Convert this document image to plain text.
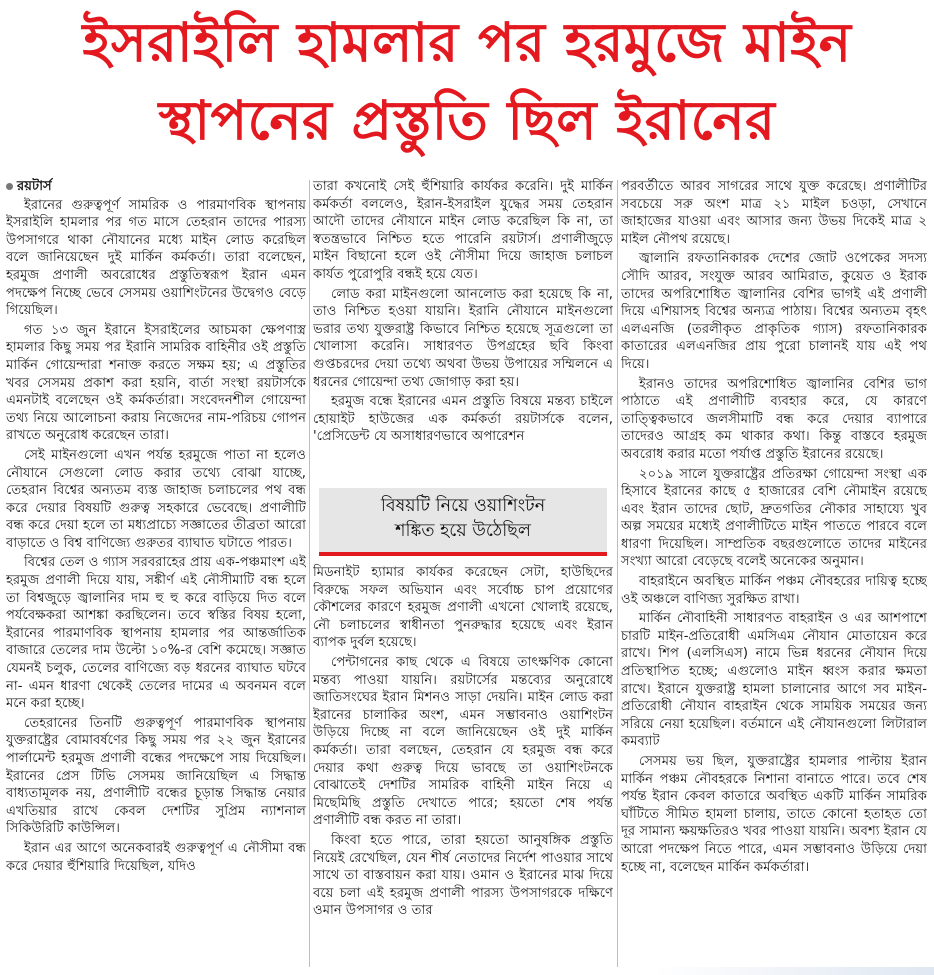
ইসরাইলি হামলার পর হরমুজে মাইন
স্থাপনের প্রস্তুতি ছিল ইরানের
রয়টার্স

ইরানের গুরুত্বপূর্ণ সামরিক ও পারমাণবিক স্থাপনায় ইসরাইলি হামলার পর গত মাসে তেহরান তাদের পারস্য উপসাগরে থাকা নৌযানের মধ্যে মাইন লোড করেছিল বলে জানিয়েছেন দুই মার্কিন কর্মকর্তা। তারা বলেছেন, হরমুজ প্রণালী অবরোধের প্রস্তুতিস্বরূপ ইরান এমন পদক্ষেপ নিচ্ছে ভেবে সেসময় ওয়াশিংটনের উদ্বেগও বেড়ে গিয়েছিল।

গত ১৩ জুন ইরানে ইসরাইলের আচমকা ক্ষেপণাস্ত্র হামলার কিছু সময় পর ইরানি সামরিক বাহিনীর ওই প্রস্তুতি মার্কিন গোয়েন্দারা শনাক্ত করতে সক্ষম হয়; এ প্রস্তুতির খবর সেসময় প্রকাশ করা হয়নি, বার্তা সংস্থা রয়টার্সকে এমনটাই বলেছেন ওই কর্মকর্তারা। সংবেদনশীল গোয়েন্দা তথ্য নিয়ে আলোচনা করায় নিজেদের নাম-পরিচয় গোপন রাখতে অনুরোধ করেছেন তারা।

সেই মাইনগুলো এখন পর্যন্ত হরমুজে পাতা না হলেও নৌযানে সেগুলো লোড করার তথ্যে বোঝা যাচ্ছে, তেহরান বিশ্বের অন্যতম ব্যস্ত জাহাজ চলাচলের পথ বন্ধ করে দেয়ার বিষয়টি গুরুত্ব সহকারে ভেবেছে। প্রণালীটি বন্ধ করে দেয়া হলে তা মধ্যপ্রাচ্যে সজ্ঞাতের তীব্রতা আরো বাড়াতে ও বিশ্ব বাণিজ্যে গুরুতর ব্যাঘাত ঘটাতে পারত।

বিশ্বের তেল ও গ্যাস সরবরাহের প্রায় এক-পঞ্চমাংশ এই হরমুজ প্রণালী দিয়ে যায়, সঙ্কীর্ণ এই নৌসীমাটি বন্ধ হলে তা বিশ্বজুড়ে জ্বালানির দাম হু হু করে বাড়িয়ে দিত বলে পর্যবেক্ষকরা আশঙ্কা করছিলেন। তবে স্বস্তির বিষয় হলো, ইরানের পারমাণবিক স্থাপনায় হামলার পর আন্তর্জাতিক বাজারে তেলের দাম উল্টো ১০%-র বেশি কমেছে। সজ্ঞাত যেমনই চলুক, তেলের বাণিজ্যে বড় ধরনের ব্যাঘাত ঘটবে না- এমন ধারণা থেকেই তেলের দামের এ অবনমন বলে মনে করা হচ্ছে।

তেহরানের তিনটি গুরুত্বপূর্ণ পারমাণবিক স্থাপনায় যুক্তরাষ্ট্রের বোমাবর্ষণের কিছু সময় পর ২২ জুন ইরানের পার্লামেন্ট হরমুজ প্রণালী বন্ধের পদক্ষেপে সায় দিয়েছিল। ইরানের প্রেস টিভি সেসময় জানিয়েছিল এ সিদ্ধান্ত বাধ্যতামূলক নয়, প্রণালীটি বন্ধের চূড়ান্ত সিদ্ধান্ত নেয়ার এখতিয়ার রাখে কেবল দেশটির সুপ্রিম ন্যাশনাল সিকিউরিটি কাউন্সিল।

ইরান এর আগে অনেকবারই গুরুত্বপূর্ণ এ নৌসীমা বন্ধ করে দেয়ার হুঁশিয়ারি দিয়েছিল, যদিও

তারা কখনোই সেই হুঁশিয়ারি কার্যকর করেনি। দুই মার্কিন কর্মকর্তা বললেও, ইরান-ইসরাইল যুদ্ধের সময় তেহরান আদৌ তাদের নৌযানে মাইন লোড করেছিল কি না, তা স্বতন্ত্রভাবে নিশ্চিত হতে পারেনি রয়টার্স। প্রণালীজুড়ে মাইন বিছানো হলে ওই নৌসীমা দিয়ে জাহাজ চলাচল কার্যত পুরোপুরি বন্ধই হয়ে যেত।

লোড করা মাইনগুলো আনলোড করা হয়েছে কি না, তাও নিশ্চিত হওয়া যায়নি। ইরানি নৌযানে মাইনগুলো ভরার তথ্য যুক্তরাষ্ট্র কিভাবে নিশ্চিত হয়েছে সূত্রগুলো তা খোলাসা করেনি। সাধারণত উপগ্রহের ছবি কিংবা গুপ্তচরদের দেয়া তথ্যে অথবা উভয় উপায়ের সম্মিলনে এ ধরনের গোয়েন্দা তথ্য জোগাড় করা হয়।

হরমুজ বন্ধে ইরানের এমন প্রস্তুতি বিষয়ে মন্তব্য চাইলে হোয়াইট হাউজের এক কর্মকর্তা রয়টার্সকে বলেন, 'প্রেসিডেন্ট যে অসাধারণভাবে অপারেশন

বিষয়টি নিয়ে ওয়াশিংটন
শঙ্কিত হয়ে উঠেছিল

মিডনাইট হ্যামার কার্যকর করেছেন সেটা, হাউছিদের বিরুদ্ধে সফল অভিযান এবং সর্বোচ্চ চাপ প্রয়োগের কৌশলের কারণে হরমুজ প্রণালী এখনো খোলাই রয়েছে, নৌ চলাচলের স্বাধীনতা পুনরুদ্ধার হয়েছে এবং ইরান ব্যাপক দুর্বল হয়েছে।

পেন্টাগনের কাছ থেকে এ বিষয়ে তাৎক্ষণিক কোনো মন্তব্য পাওয়া যায়নি। রয়টার্সের মন্তব্যের অনুরোধে জাতিসংঘের ইরান মিশনও সাড়া দেয়নি। মাইন লোড করা ইরানের চালাকির অংশ, এমন সম্ভাবনাও ওয়াশিংটন উড়িয়ে দিচ্ছে না বলে জানিয়েছেন ওই দুই মার্কিন কর্মকর্তা। তারা বলছেন, তেহরান যে হরমুজ বন্ধ করে দেয়ার কথা গুরুত্ব দিয়ে ভাবছে তা ওয়াশিংটনকে বোঝাতেই দেশটির সামরিক বাহিনী মাইন নিয়ে এ মিছেমিছি প্রস্তুতি দেখাতে পারে; হয়তো শেষ পর্যন্ত প্রণালীটি বন্ধ করত না তারা।

কিংবা হতে পারে, তারা হয়তো আনুষঙ্গিক প্রস্তুতি নিয়েই রেখেছিল, যেন শীর্ষ নেতাদের নির্দেশ পাওয়ার সাথে সাথে তা বাস্তবায়ন করা যায়। ওমান ও ইরানের মাঝ দিয়ে বয়ে চলা এই হরমুজ প্রণালী পারস্য উপসাগরকে দক্ষিণে ওমান উপসাগর ও তার

পরবর্তীতে আরব সাগরের সাথে যুক্ত করেছে। প্রণালীটির সবচেয়ে সরু অংশ মাত্র ২১ মাইল চওড়া, সেখানে জাহাজের যাওয়া এবং আসার জন্য উভয় দিকেই মাত্র ২ মাইল নৌপথ রয়েছে।

জ্বালানি রফতানিকারক দেশের জোট ওপেকের সদস্য সৌদি আরব, সংযুক্ত আরব আমিরাত, কুয়েত ও ইরাক তাদের অপরিশোধিত জ্বালানির বেশির ভাগই এই প্রণালী দিয়ে এশিয়াসহ বিশ্বের অন্যত্র পাঠায়। বিশ্বের অন্যতম বৃহৎ এলএনজি (তরলীকৃত প্রাকৃতিক গ্যাস) রফতানিকারক কাতারের এলএনজির প্রায় পুরো চালানই যায় এই পথ দিয়ে।

ইরানও তাদের অপরিশোধিত জ্বালানির বেশির ভাগ পাঠাতে এই প্রণালীটি ব্যবহার করে, যে কারণে তাত্ত্বিকভাবে জলসীমাটি বন্ধ করে দেয়ার ব্যাপারে তাদেরও আগ্রহ কম থাকার কথা। কিন্তু বাস্তবে হরমুজ অবরোধ করার মতো পর্যাপ্ত প্রস্তুতি ইরানের রয়েছে।

২০১৯ সালে যুক্তরাষ্ট্রের প্রতিরক্ষা গোয়েন্দা সংস্থা এক হিসাবে ইরানের কাছে ৫ হাজারের বেশি নৌমাইন রয়েছে এবং ইরান তাদের ছোট, দ্রুতগতির নৌকার সাহায্যে খুব অল্প সময়ের মধ্যেই প্রণালীটিতে মাইন পাততে পারবে বলে ধারণা দিয়েছিল। সাম্প্রতিক বছরগুলোতে তাদের মাইনের সংখ্যা আরো বেড়েছে বলেই অনেকের অনুমান।

বাহরাইনে অবস্থিত মার্কিন পঞ্চম নৌবহরের দায়িত্ব হচ্ছে ওই অঞ্চলে বাণিজ্য সুরক্ষিত রাখা।

মার্কিন নৌবাহিনী সাধারণত বাহরাইন ও এর আশপাশে চারটি মাইন-প্রতিরোধী এমসিএম নৌযান মোতায়েন করে রাখে। শিপ (এলসিএস) নামে ভিন্ন ধরনের নৌযান দিয়ে প্রতিস্থাপিত হচ্ছে; এগুলোও মাইন ধ্বংস করার ক্ষমতা রাখে। ইরানে যুক্তরাষ্ট্র হামলা চালানোর আগে সব মাইন-প্রতিরোধী নৌযান বাহরাইন থেকে সাময়িক সময়ের জন্য সরিয়ে নেয়া হয়েছিল। বর্তমানে এই নৌযানগুলো লিটারাল কমব্যাট

সেসময় ভয় ছিল, যুক্তরাষ্ট্রের হামলার পাল্টায় ইরান মার্কিন পঞ্চম নৌবহরকে নিশানা বানাতে পারে। তবে শেষ পর্যন্ত ইরান কেবল কাতারে অবস্থিত একটি মার্কিন সামরিক ঘাঁটিতে সীমিত হামলা চালায়, তাতে কোনো হতাহত তো দূর সামান্য ক্ষয়ক্ষতিরও খবর পাওয়া যায়নি। অবশ্য ইরান যে আরো পদক্ষেপ নিতে পারে, এমন সম্ভাবনাও উড়িয়ে দেয়া হচ্ছে না, বলেছেন মার্কিন কর্মকর্তারা।
